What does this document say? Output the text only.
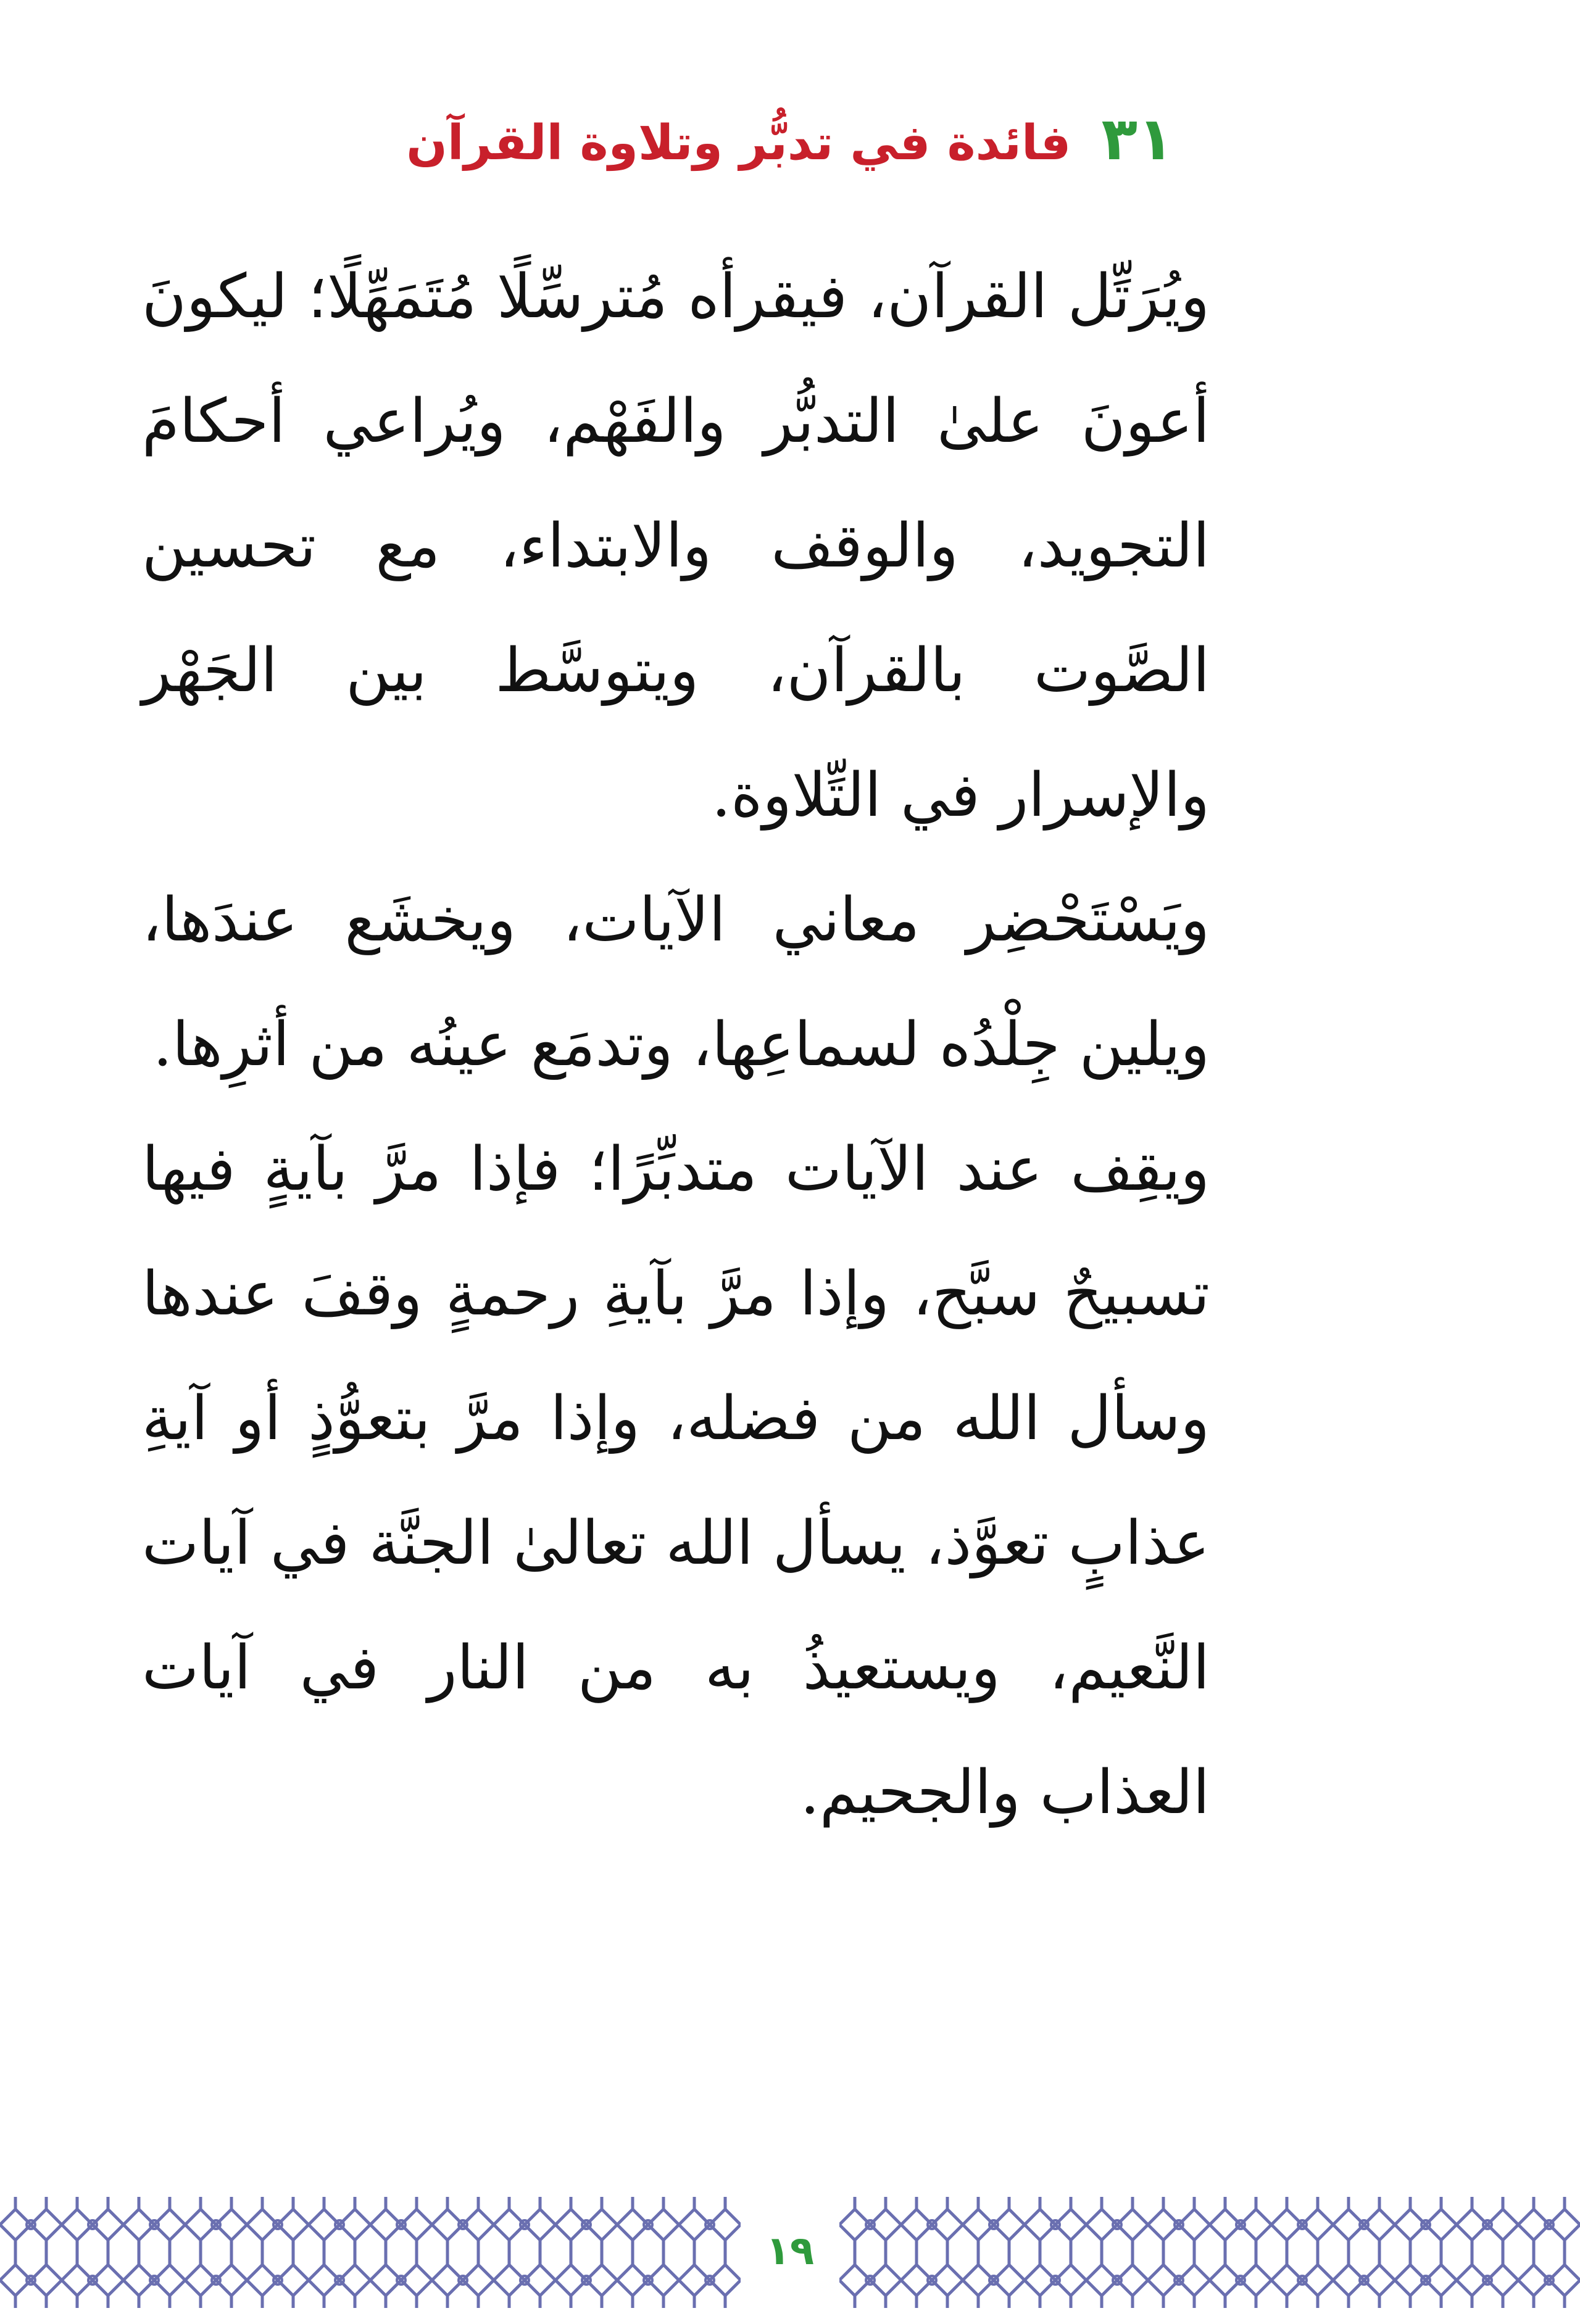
٣١ فائدة في تدبُّر وتلاوة القرآن

ويُرَتِّل القرآن، فيقرأه مُترسِّلًا مُتَمَهِّلًا؛ ليكونَ أعونَ علىٰ التدبُّر والفَهْم، ويُراعي أحكامَ التجويد، والوقف والابتداء، مع تحسين الصَّوت بالقرآن، ويتوسَّط بين الجَهْر والإسرار في التِّلاوة.

ويَسْتَحْضِر معاني الآيات، ويخشَع عندَها، ويلين جِلْدُه لسماعِها، وتدمَع عينُه من أثرِها.

ويقِف عند الآيات متدبِّرًا؛ فإذا مرَّ بآيةٍ فيها تسبيحٌ سبَّح، وإذا مرَّ بآيةِ رحمةٍ وقفَ عندها وسأل الله من فضله، وإذا مرَّ بتعوُّذٍ أو آيةِ عذابٍ تعوَّذ، يسأل الله تعالىٰ الجنَّة في آيات النَّعيم، ويستعيذُ به من النار في آيات العذاب والجحيم.

١٩
